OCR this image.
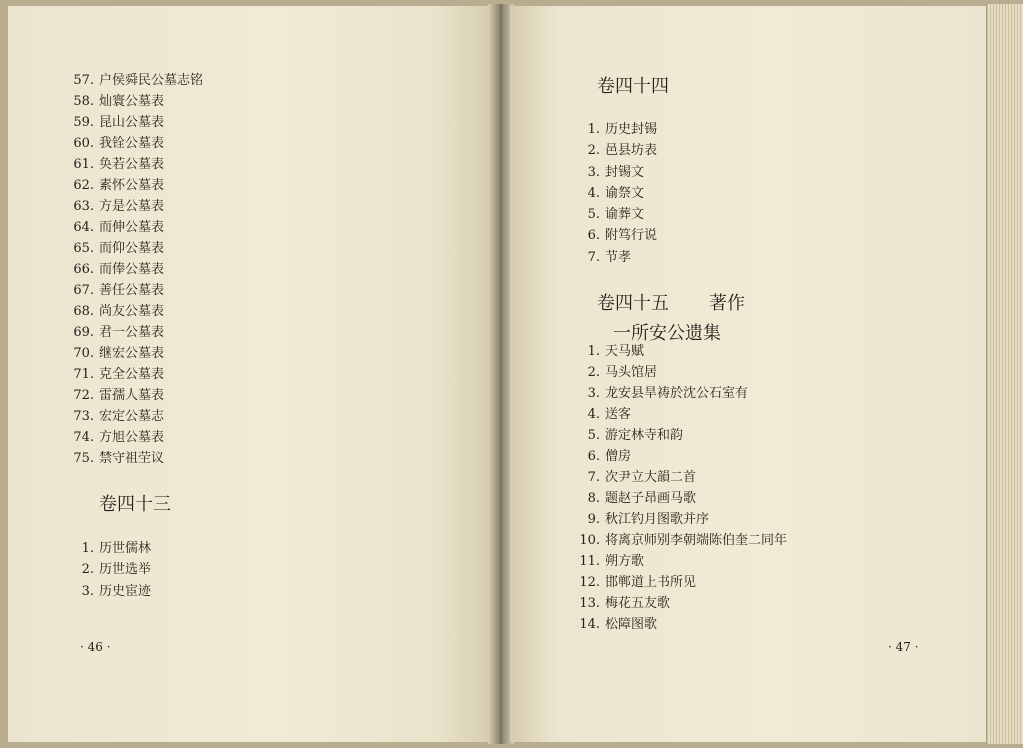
57. 户侯舜民公墓志铭
58. 灿寰公墓表
59. 昆山公墓表
60. 我铨公墓表
61. 奂若公墓表
62. 素怀公墓表
63. 方是公墓表
64. 而伸公墓表
65. 而仰公墓表
66. 而俸公墓表
67. 善任公墓表
68. 尚友公墓表
69. 君一公墓表
70. 继宏公墓表
71. 克全公墓表
72. 雷孺人墓表
73. 宏定公墓志
74. 方旭公墓表
75. 禁守祖茔议
卷四十三
1. 历世儒林
2. 历世选举
3. 历史宦迹
· 46 ·
卷四十四
1. 历史封锡
2. 邑县坊表
3. 封锡文
4. 谕祭文
5. 谕葬文
6. 附笃行说
7. 节孝
卷四十五 著作
一所安公遗集
1. 天马赋
2. 马头馆居
3. 龙安县旱祷於沈公石室有
4. 送客
5. 游定林寺和韵
6. 僧房
7. 次尹立大韻二首
8. 题赵子昂画马歌
9. 秋江钓月图歌并序
10. 将离京师别李朝端陈伯奎二同年
11. 朔方歌
12. 邯郸道上书所见
13. 梅花五友歌
14. 松障图歌
· 47 ·
